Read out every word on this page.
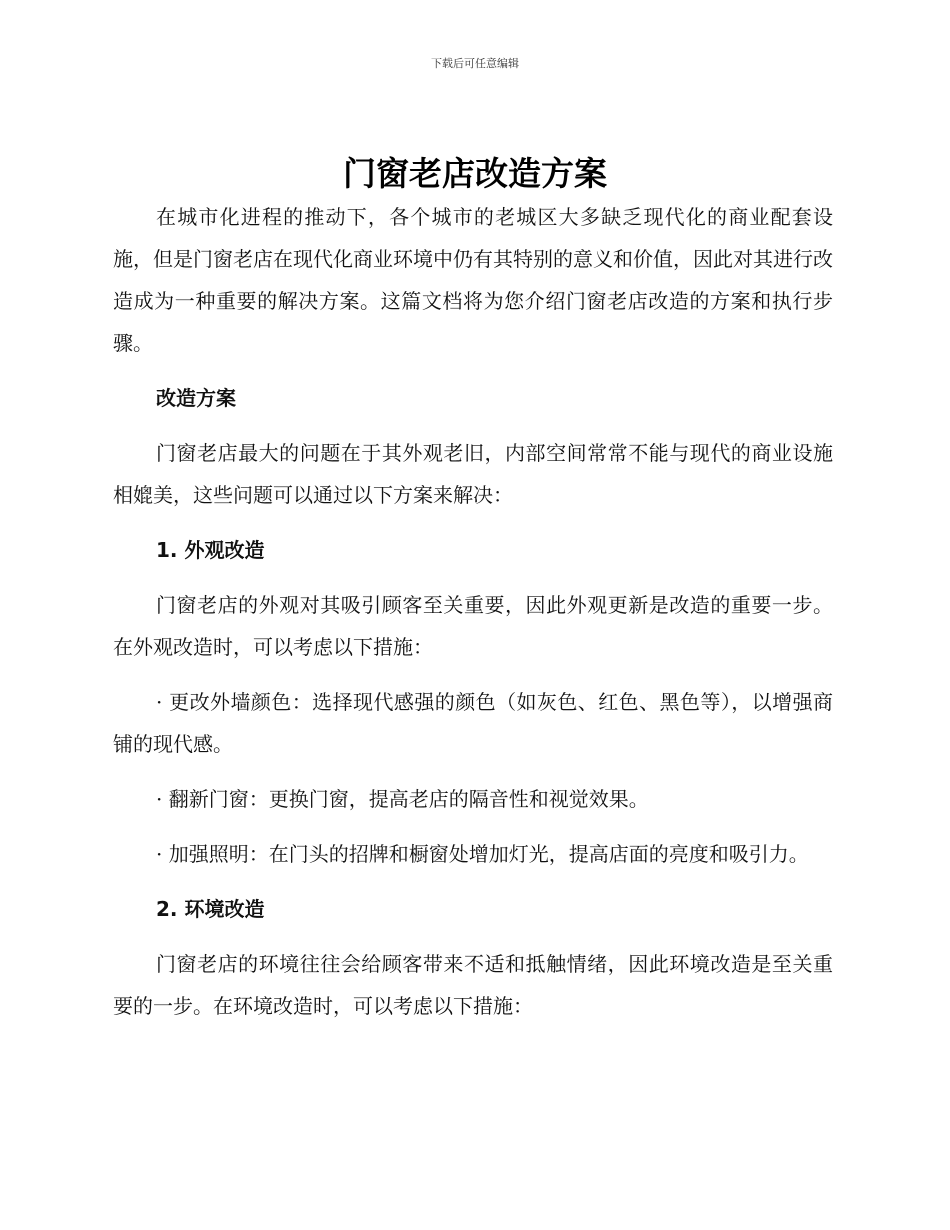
下载后可任意编辑
门窗老店改造方案

在城市化进程的推动下，各个城市的老城区大多缺乏现代化的商业配套设施，但是门窗老店在现代化商业环境中仍有其特别的意义和价值，因此对其进行改造成为一种重要的解决方案。这篇文档将为您介绍门窗老店改造的方案和执行步骤。

改造方案

门窗老店最大的问题在于其外观老旧，内部空间常常不能与现代的商业设施相媲美，这些问题可以通过以下方案来解决：

1. 外观改造

门窗老店的外观对其吸引顾客至关重要，因此外观更新是改造的重要一步。在外观改造时，可以考虑以下措施：

· 更改外墙颜色：选择现代感强的颜色（如灰色、红色、黑色等），以增强商铺的现代感。

· 翻新门窗：更换门窗，提高老店的隔音性和视觉效果。

· 加强照明：在门头的招牌和橱窗处增加灯光，提高店面的亮度和吸引力。

2. 环境改造

门窗老店的环境往往会给顾客带来不适和抵触情绪，因此环境改造是至关重要的一步。在环境改造时，可以考虑以下措施：
